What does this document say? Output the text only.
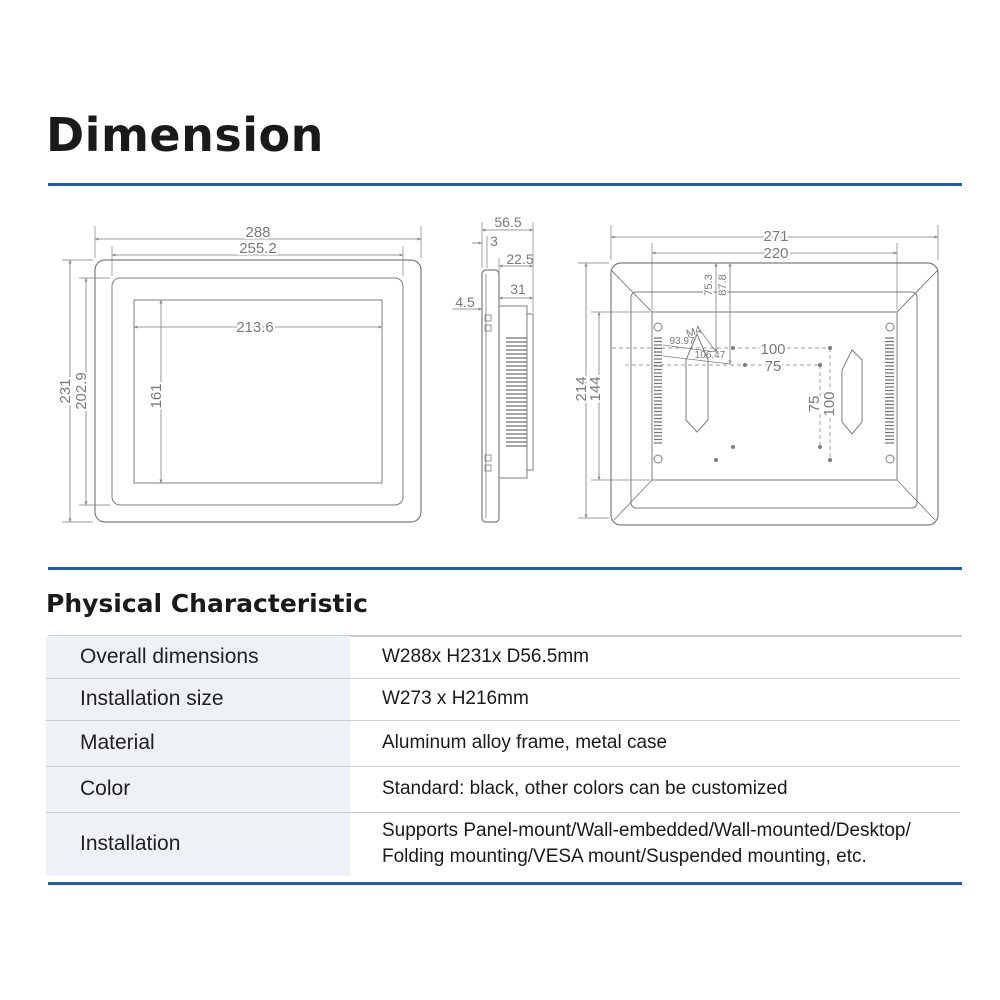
Dimension
288
255.2
213.6
231 202.9	161
56.5
3
22.5
31
4.5
271
220
214
144
75.3 87.8
M4
93.97
106.47 100
75
75
100
Physical Characteristic
Overall dimensions	W288x H231x D56.5mm
Installation size	W273 x H216mm
Material	Aluminum alloy frame, metal case
Color	Standard: black, other colors can be customized
Installation	Supports Panel-mount/Wall-embedded/Wall-mounted/Desktop/
Folding mounting/VESA mount/Suspended mounting, etc.
